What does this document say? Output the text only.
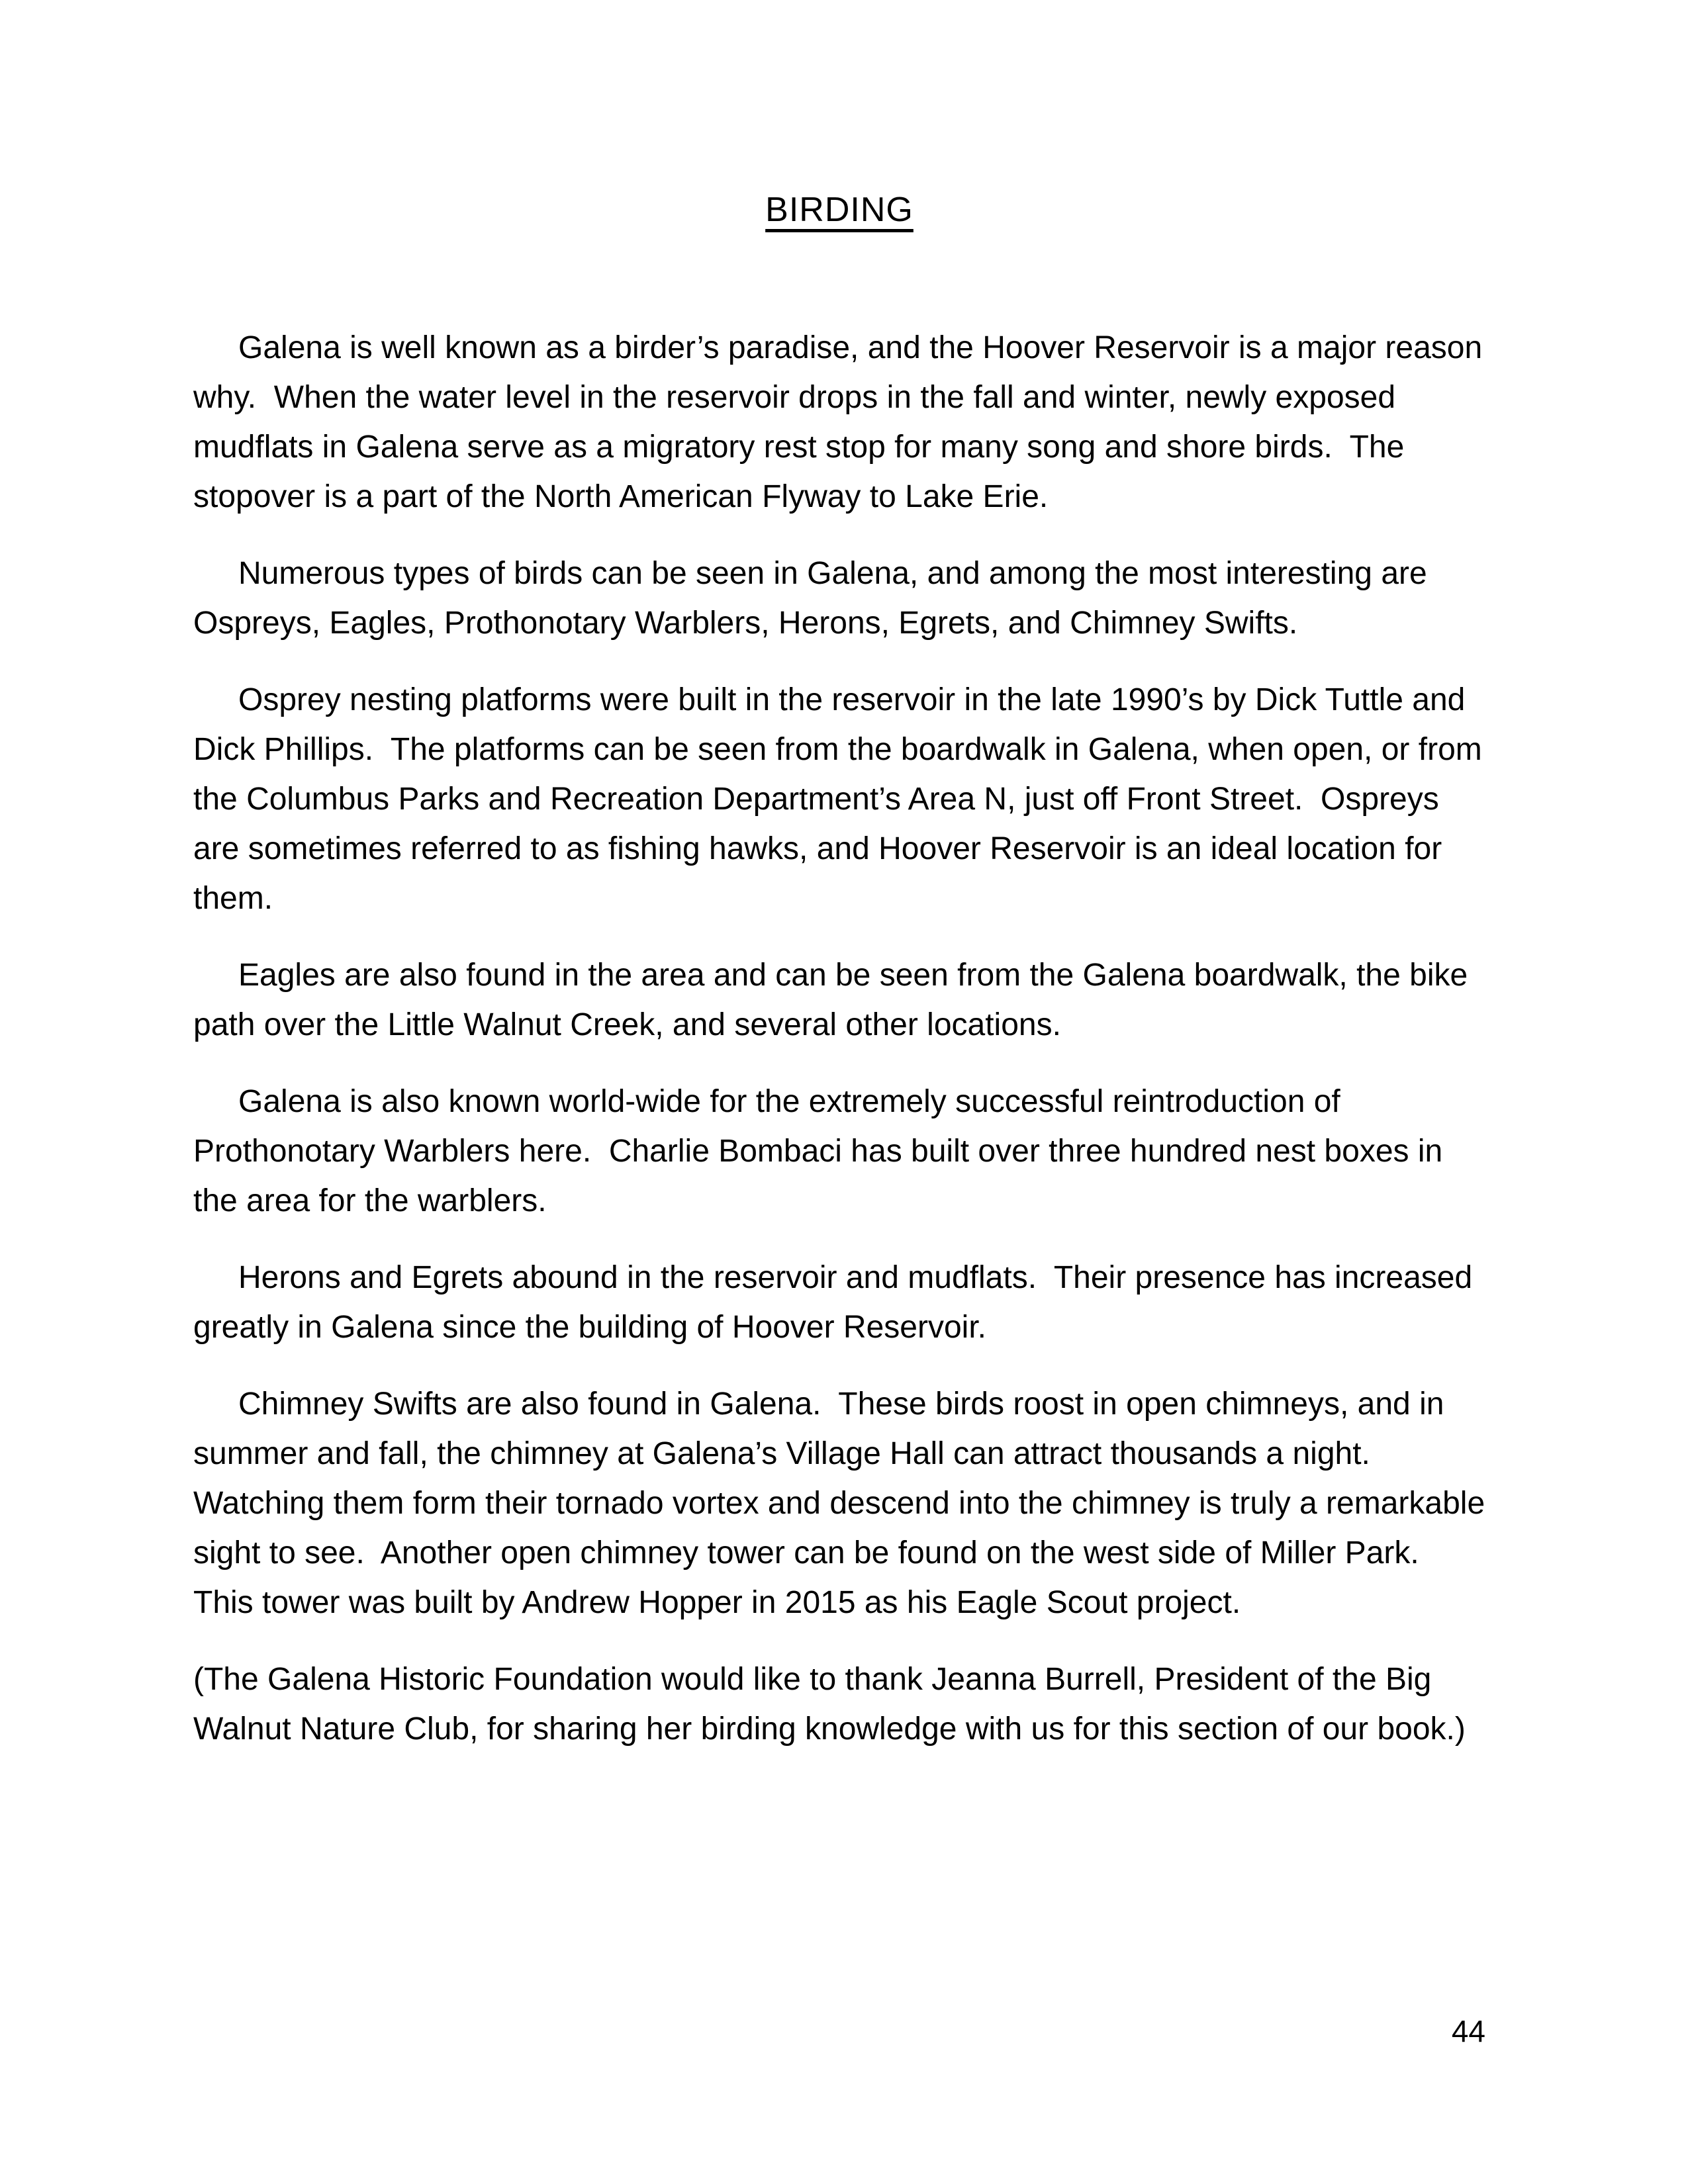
BIRDING

Galena is well known as a birder’s paradise, and the Hoover Reservoir is a major reason why.  When the water level in the reservoir drops in the fall and winter, newly exposed mudflats in Galena serve as a migratory rest stop for many song and shore birds.  The stopover is a part of the North American Flyway to Lake Erie.

Numerous types of birds can be seen in Galena, and among the most interesting are Ospreys, Eagles, Prothonotary Warblers, Herons, Egrets, and Chimney Swifts.

Osprey nesting platforms were built in the reservoir in the late 1990’s by Dick Tuttle and Dick Phillips.  The platforms can be seen from the boardwalk in Galena, when open, or from the Columbus Parks and Recreation Department’s Area N, just off Front Street.  Ospreys are sometimes referred to as fishing hawks, and Hoover Reservoir is an ideal location for them.

Eagles are also found in the area and can be seen from the Galena boardwalk, the bike path over the Little Walnut Creek, and several other locations.

Galena is also known world-wide for the extremely successful reintroduction of Prothonotary Warblers here.  Charlie Bombaci has built over three hundred nest boxes in the area for the warblers.

Herons and Egrets abound in the reservoir and mudflats.  Their presence has increased greatly in Galena since the building of Hoover Reservoir.

Chimney Swifts are also found in Galena.  These birds roost in open chimneys, and in summer and fall, the chimney at Galena’s Village Hall can attract thousands a night.  Watching them form their tornado vortex and descend into the chimney is truly a remarkable sight to see.  Another open chimney tower can be found on the west side of Miller Park.  This tower was built by Andrew Hopper in 2015 as his Eagle Scout project.

(The Galena Historic Foundation would like to thank Jeanna Burrell, President of the Big Walnut Nature Club, for sharing her birding knowledge with us for this section of our book.)

44
